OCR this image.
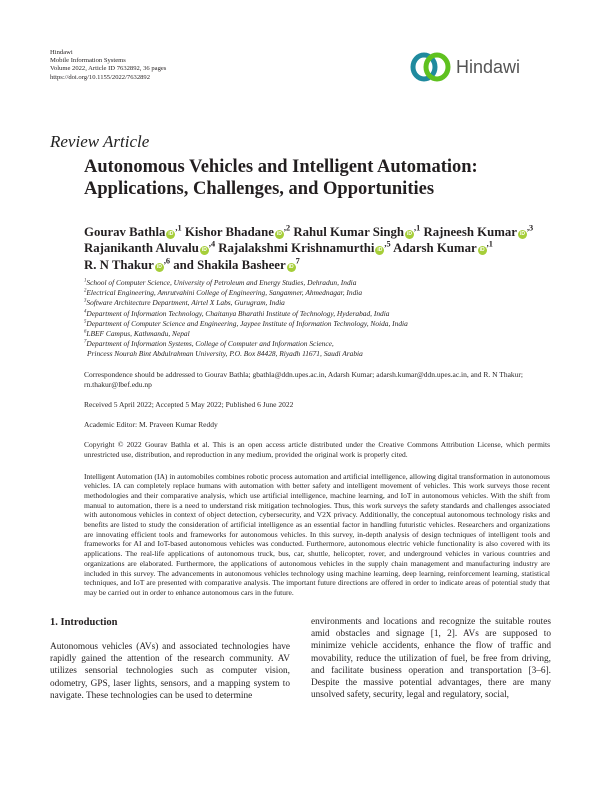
Hindawi
Mobile Information Systems
Volume 2022, Article ID 7632892, 36 pages
https://doi.org/10.1155/2022/7632892
Hindawi
Review Article
Autonomous Vehicles and Intelligent Automation: Applications, Challenges, and Opportunities
Gourav Bathla $iD^{,1}$ Kishor Bhadane $iD^{,2}$ Rahul Kumar Singh $iD^{,1}$ Rajneesh Kumar $iD^{,3}$
Rajanikanth Aluvalu $iD^{,4}$ Rajalakshmi Krishnamurthi $iD^{,5}$ Adarsh Kumar $iD^{,1}$
R. N Thakur $iD^{,6}$ and Shakila Basheer $iD^7$
$^1$School of Computer Science, University of Petroleum and Energy Studies, Dehradun, India
$^2$Electrical Engineering, Amrutvahini College of Engineering, Sangamner, Ahmednagar, India
$^3$Software Architecture Department, Airtel X Labs, Gurugram, India
$^4$Department of Information Technology, Chaitanya Bharathi Institute of Technology, Hyderabad, India
$^5$Department of Computer Science and Engineering, Jaypee Institute of Information Technology, Noida, India
$^6$LBEF Campus, Kathmandu, Nepal
$^7$Department of Information Systems, College of Computer and Information Science,
Princess Nourah Bint Abdulrahman University, P.O. Box 84428, Riyadh 11671, Saudi Arabia
Correspondence should be addressed to Gourav Bathla; gbathla@ddn.upes.ac.in, Adarsh Kumar; adarsh.kumar@ddn.upes.ac.in, and R. N Thakur; rn.thakur@lbef.edu.np
Received 5 April 2022; Accepted 5 May 2022; Published 6 June 2022
Academic Editor: M. Praveen Kumar Reddy
Copyright © 2022 Gourav Bathla et al. This is an open access article distributed under the Creative Commons Attribution License, which permits unrestricted use, distribution, and reproduction in any medium, provided the original work is properly cited.
Intelligent Automation (IA) in automobiles combines robotic process automation and artificial intelligence, allowing digital transformation in autonomous vehicles. IA can completely replace humans with automation with better safety and intelligent movement of vehicles. This work surveys those recent methodologies and their comparative analysis, which use artificial intelligence, machine learning, and IoT in autonomous vehicles. With the shift from manual to automation, there is a need to understand risk mitigation technologies. Thus, this work surveys the safety standards and challenges associated with autonomous vehicles in context of object detection, cybersecurity, and V2X privacy. Additionally, the conceptual autonomous technology risks and benefits are listed to study the consideration of artificial intelligence as an essential factor in handling futuristic vehicles. Researchers and organizations are innovating efficient tools and frameworks for autonomous vehicles. In this survey, in-depth analysis of design techniques of intelligent tools and frameworks for AI and IoT-based autonomous vehicles was conducted. Furthermore, autonomous electric vehicle functionality is also covered with its applications. The real-life applications of autonomous truck, bus, car, shuttle, helicopter, rover, and underground vehicles in various countries and organizations are elaborated. Furthermore, the applications of autonomous vehicles in the supply chain management and manufacturing industry are included in this survey. The advancements in autonomous vehicles technology using machine learning, deep learning, reinforcement learning, statistical techniques, and IoT are presented with comparative analysis. The important future directions are offered in order to indicate areas of potential study that may be carried out in order to enhance autonomous cars in the future.
1. Introduction
Autonomous vehicles (AVs) and associated technologies have rapidly gained the attention of the research community. AV utilizes sensorial technologies such as computer vision, odometry, GPS, laser lights, sensors, and a mapping system to navigate. These technologies can be used to determine
environments and locations and recognize the suitable routes amid obstacles and signage [1, 2]. AVs are supposed to minimize vehicle accidents, enhance the flow of traffic and movability, reduce the utilization of fuel, be free from driving, and facilitate business operation and transportation [3–6]. Despite the massive potential advantages, there are many unsolved safety, security, legal and regulatory, social,
